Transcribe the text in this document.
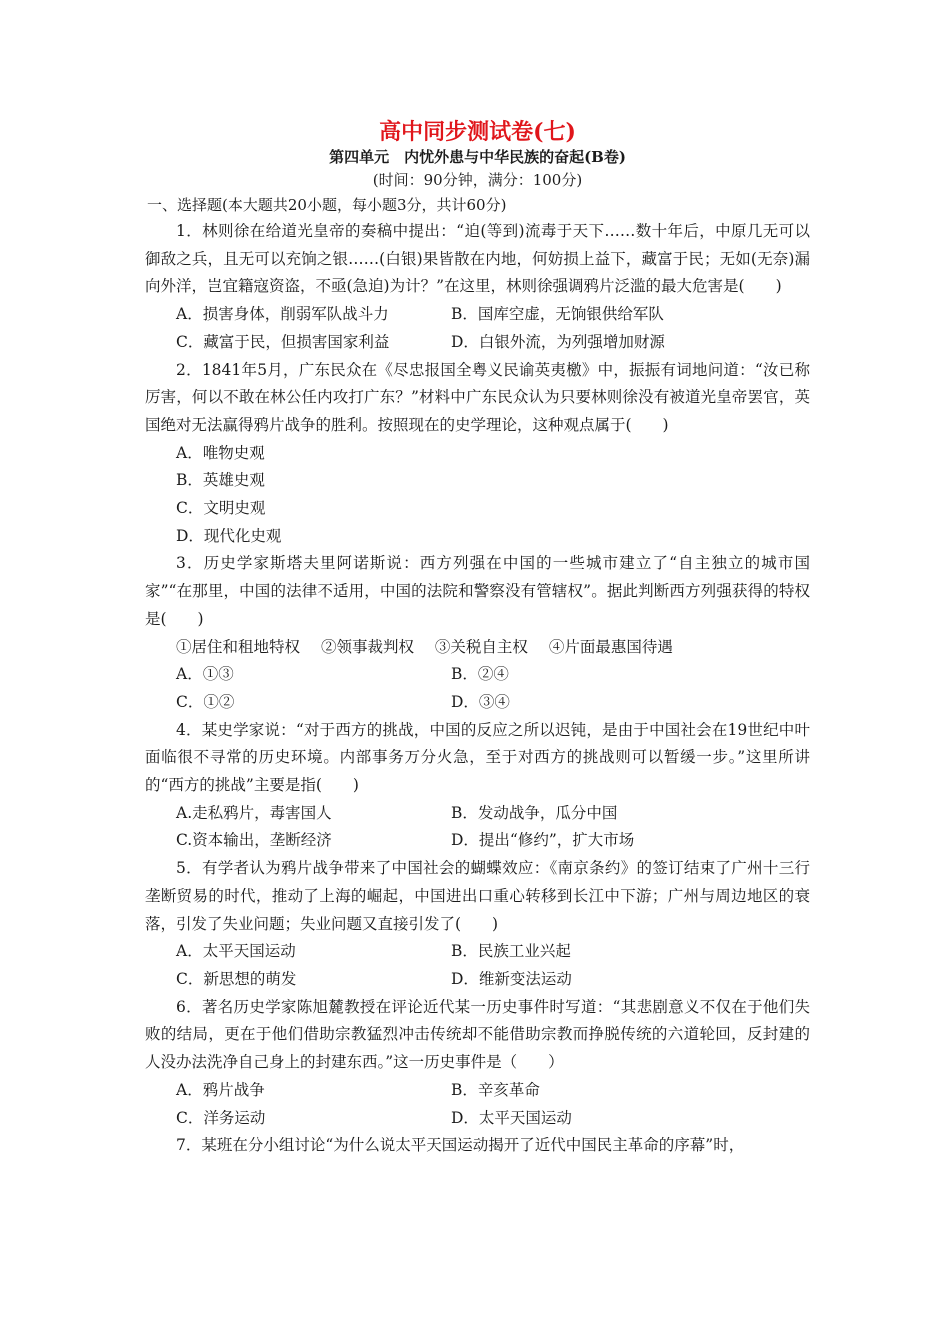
高中同步测试卷(七)

第四单元　内忧外患与中华民族的奋起(B卷)

(时间：90分钟，满分：100分)

一、选择题(本大题共20小题，每小题3分，共计60分)

1．林则徐在给道光皇帝的奏稿中提出：“迫(等到)流毒于天下……数十年后，中原几无可以御敌之兵，且无可以充饷之银……(白银)果皆散在内地，何妨损上益下，藏富于民；无如(无奈)漏向外洋，岂宜籍寇资盗，不亟(急迫)为计？”在这里，林则徐强调鸦片泛滥的最大危害是(　　)

A．损害身体，削弱军队战斗力	B．国库空虚，无饷银供给军队
C．藏富于民，但损害国家利益	D．白银外流，为列强增加财源

2．1841年5月，广东民众在《尽忠报国全粤义民谕英夷檄》中，振振有词地问道：“汝已称厉害，何以不敢在林公任内攻打广东？”材料中广东民众认为只要林则徐没有被道光皇帝罢官，英国绝对无法赢得鸦片战争的胜利。按照现在的史学理论，这种观点属于(　　)

A．唯物史观
B．英雄史观
C．文明史观
D．现代化史观

3．历史学家斯塔夫里阿诺斯说：西方列强在中国的一些城市建立了“自主独立的城市国家”“在那里，中国的法律不适用，中国的法院和警察没有管辖权”。据此判断西方列强获得的特权是(　　)

①居住和租地特权 ②领事裁判权 ③关税自主权 ④片面最惠国待遇
A．①③	B．②④
C．①②	D．③④

4．某史学家说：“对于西方的挑战，中国的反应之所以迟钝，是由于中国社会在19世纪中叶面临很不寻常的历史环境。内部事务万分火急，至于对西方的挑战则可以暂缓一步。”这里所讲的“西方的挑战”主要是指(　　)

A.走私鸦片，毒害国人	B．发动战争，瓜分中国
C.资本输出，垄断经济	D．提出“修约”，扩大市场

5．有学者认为鸦片战争带来了中国社会的蝴蝶效应：《南京条约》的签订结束了广州十三行垄断贸易的时代，推动了上海的崛起，中国进出口重心转移到长江中下游；广州与周边地区的衰落，引发了失业问题；失业问题又直接引发了(　　)

A．太平天国运动	B．民族工业兴起
C．新思想的萌发	D．维新变法运动

6．著名历史学家陈旭麓教授在评论近代某一历史事件时写道：“其悲剧意义不仅在于他们失败的结局，更在于他们借助宗教猛烈冲击传统却不能借助宗教而挣脱传统的六道轮回，反封建的人没办法洗净自己身上的封建东西。”这一历史事件是（　　）

A．鸦片战争	B．辛亥革命
C．洋务运动	D．太平天国运动

7．某班在分小组讨论“为什么说太平天国运动揭开了近代中国民主革命的序幕”时，
